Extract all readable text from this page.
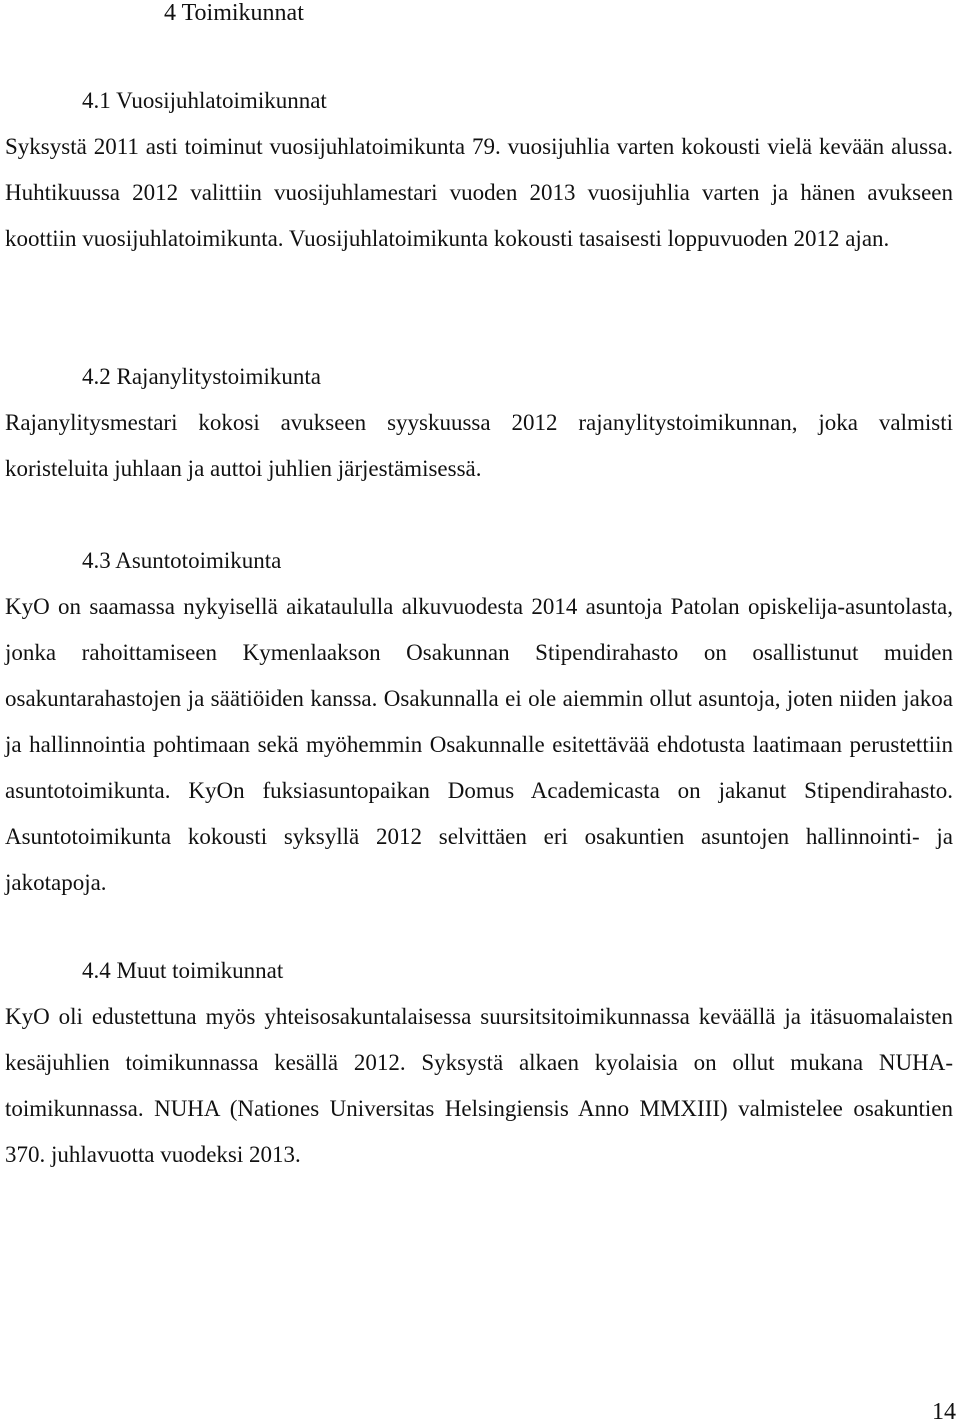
4 Toimikunnat
4.1 Vuosijuhlatoimikunnat

Syksystä 2011 asti toiminut vuosijuhlatoimikunta 79. vuosijuhlia varten kokousti vielä kevään alussa. Huhtikuussa 2012 valittiin vuosijuhlamestari vuoden 2013 vuosijuhlia varten ja hänen avukseen koottiin vuosijuhlatoimikunta. Vuosijuhlatoimikunta kokousti tasaisesti loppuvuoden 2012 ajan.

4.2 Rajanylitystoimikunta

Rajanylitysmestari kokosi avukseen syyskuussa 2012 rajanylitystoimikunnan, joka valmisti koristeluita juhlaan ja auttoi juhlien järjestämisessä.

4.3 Asuntotoimikunta

KyO on saamassa nykyisellä aikataululla alkuvuodesta 2014 asuntoja Patolan opiskelija-asuntolasta, jonka rahoittamiseen Kymenlaakson Osakunnan Stipendirahasto on osallistunut muiden osakuntarahastojen ja säätiöiden kanssa. Osakunnalla ei ole aiemmin ollut asuntoja, joten niiden jakoa ja hallinnointia pohtimaan sekä myöhemmin Osakunnalle esitettävää ehdotusta laatimaan perustettiin asuntotoimikunta. KyOn fuksiasuntopaikan Domus Academicasta on jakanut Stipendirahasto. Asuntotoimikunta kokousti syksyllä 2012 selvittäen eri osakuntien asuntojen hallinnointi- ja jakotapoja.

4.4 Muut toimikunnat

KyO oli edustettuna myös yhteisosakuntalaisessa suursitsitoimikunnassa keväällä ja itäsuomalaisten kesäjuhlien toimikunnassa kesällä 2012. Syksystä alkaen kyolaisia on ollut mukana NUHA-toimikunnassa. NUHA (Nationes Universitas Helsingiensis Anno MMXIII) valmistelee osakuntien 370. juhlavuotta vuodeksi 2013.

14
